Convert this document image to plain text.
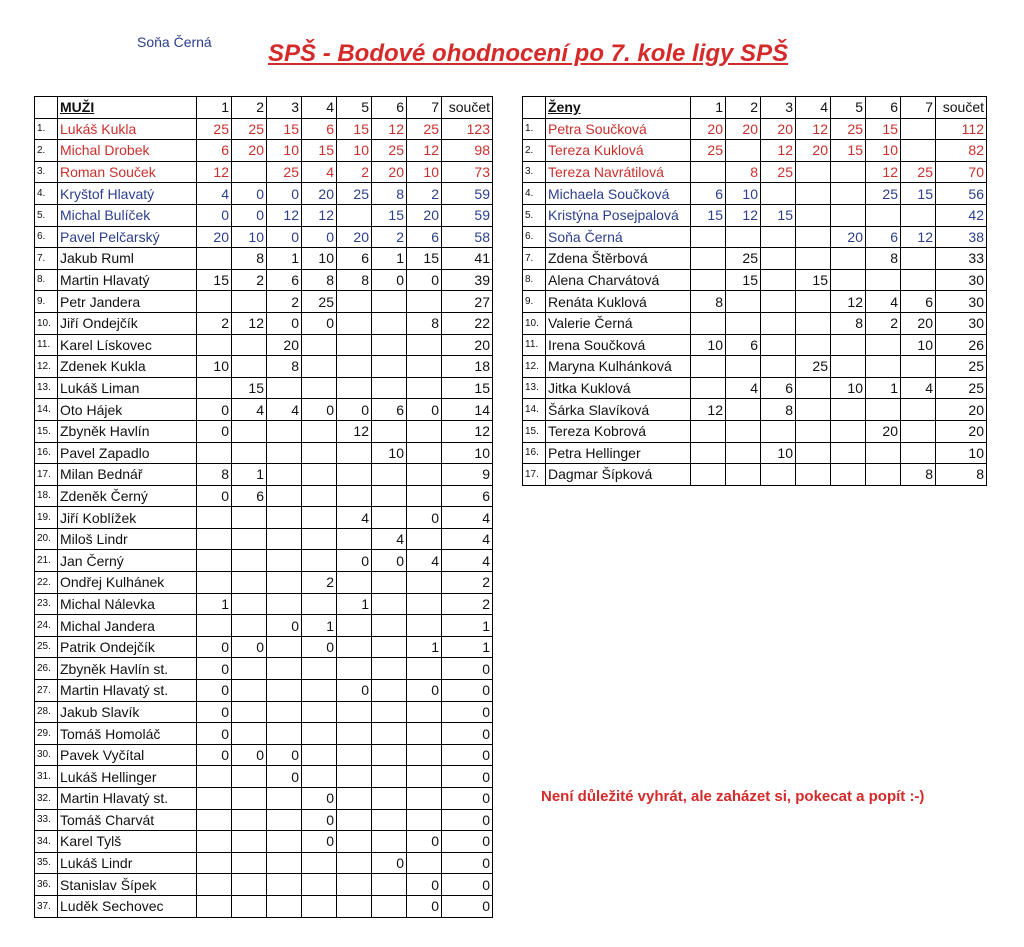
Soňa Černá SPŠ - Bodové ohodnocení po 7. kole ligy SPŠ
	MUŽI	1	2	3	4	5	6	7	součet
1.	Lukáš Kukla	25	25	15	6	15	12	25	123
2.	Michal Drobek	6	20	10	15	10	25	12	98
3.	Roman Souček	12		25	4	2	20	10	73
4.	Kryštof Hlavatý	4	0	0	20	25	8	2	59
5.	Michal Bulíček	0	0	12	12		15	20	59
6.	Pavel Pelčarský	20	10	0	0	20	2	6	58
7.	Jakub Ruml		8	1	10	6	1	15	41
8.	Martin Hlavatý	15	2	6	8	8	0	0	39
9.	Petr Jandera			2	25				27
10.	Jiří Ondejčík	2	12	0	0			8	22
11.	Karel Lískovec			20					20
12.	Zdenek Kukla	10		8					18
13.	Lukáš Liman		15						15
14.	Oto Hájek	0	4	4	0	0	6	0	14
15.	Zbyněk Havlín	0				12			12
16.	Pavel Zapadlo						10		10
17.	Milan Bednář	8	1						9
18.	Zdeněk Černý	0	6						6
19.	Jiří Koblížek					4		0	4
20.	Miloš Lindr						4		4
21.	Jan Černý					0	0	4	4
22.	Ondřej Kulhánek				2				2
23.	Michal Nálevka	1				1			2
24.	Michal Jandera			0	1				1
25.	Patrik Ondejčík	0	0		0			1	1
26.	Zbyněk Havlín st.	0							0
27.	Martin Hlavatý st.	0				0		0	0
28.	Jakub Slavík	0							0
29.	Tomáš Homoláč	0							0
30.	Pavek Vyčítal	0	0	0					0
31.	Lukáš Hellinger			0					0
32.	Martin Hlavatý st.				0				0
33.	Tomáš Charvát				0				0
34.	Karel Tylš				0			0	0
35.	Lukáš Lindr						0		0
36.	Stanislav Šípek							0	0
37.	Luděk Sechovec							0	0
	Ženy	1	2	3	4	5	6	7	součet
1.	Petra Součková	20	20	20	12	25	15		112
2.	Tereza Kuklová	25		12	20	15	10		82
3.	Tereza Navrátilová		8	25			12	25	70
4.	Michaela Součková	6	10				25	15	56
5.	Kristýna Posejpalová	15	12	15					42
6.	Soňa Černá					20	6	12	38
7.	Zdena Štěrbová		25				8		33
8.	Alena Charvátová		15		15				30
9.	Renáta Kuklová	8				12	4	6	30
10.	Valerie Černá					8	2	20	30
11.	Irena Součková	10	6					10	26
12.	Maryna Kulhánková				25				25
13.	Jitka Kuklová		4	6		10	1	4	25
14.	Šárka Slavíková	12		8					20
15.	Tereza Kobrová						20		20
16.	Petra Hellinger			10					10
17.	Dagmar Šípková							8	8
Není důležité vyhrát, ale zaházet si, pokecat a popít :-)
